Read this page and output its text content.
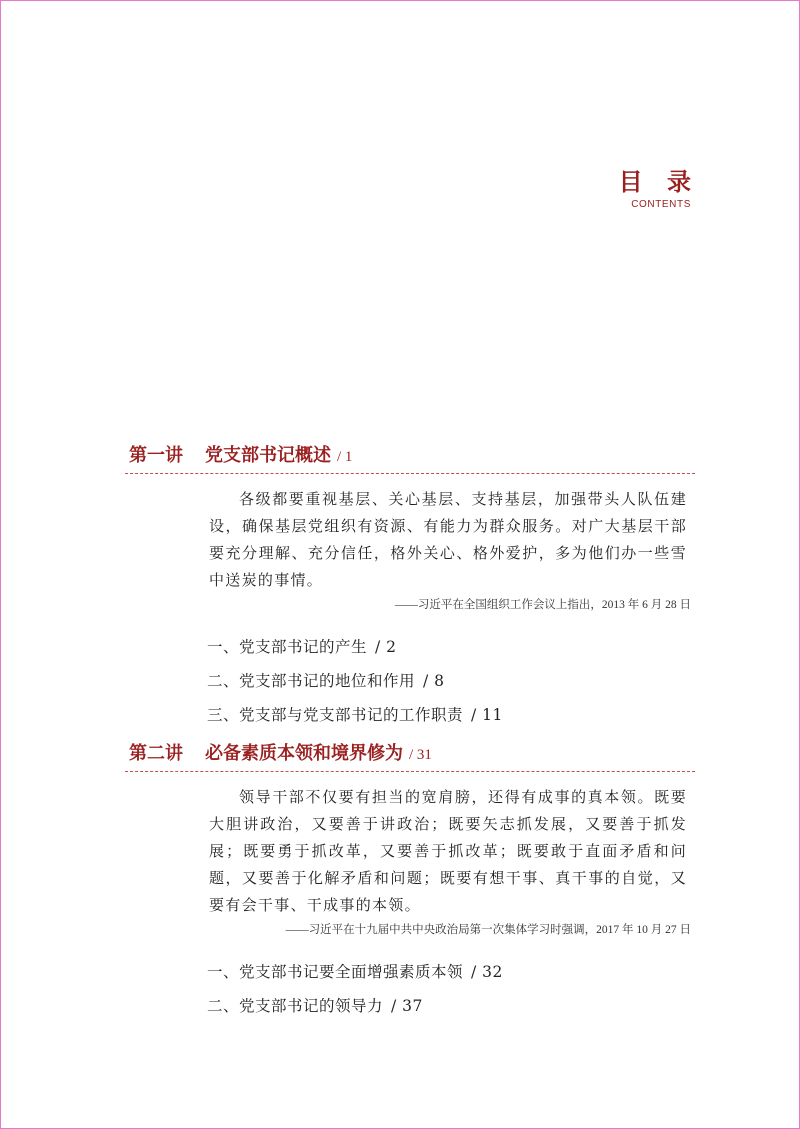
目 录
CONTENTS
第一讲 党支部书记概述 / 1
各级都要重视基层、关心基层、支持基层，加强带头人队伍建设，确保基层党组织有资源、有能力为群众服务。对广大基层干部要充分理解、充分信任，格外关心、格外爱护，多为他们办一些雪中送炭的事情。
——习近平在全国组织工作会议上指出，2013 年 6 月 28 日
一、党支部书记的产生 / 2
二、党支部书记的地位和作用 / 8
三、党支部与党支部书记的工作职责 / 11
第二讲 必备素质本领和境界修为 / 31
领导干部不仅要有担当的宽肩膀，还得有成事的真本领。既要大胆讲政治，又要善于讲政治；既要矢志抓发展，又要善于抓发展；既要勇于抓改革，又要善于抓改革；既要敢于直面矛盾和问题，又要善于化解矛盾和问题；既要有想干事、真干事的自觉，又要有会干事、干成事的本领。
——习近平在十九届中共中央政治局第一次集体学习时强调，2017 年 10 月 27 日
一、党支部书记要全面增强素质本领 / 32
二、党支部书记的领导力 / 37
